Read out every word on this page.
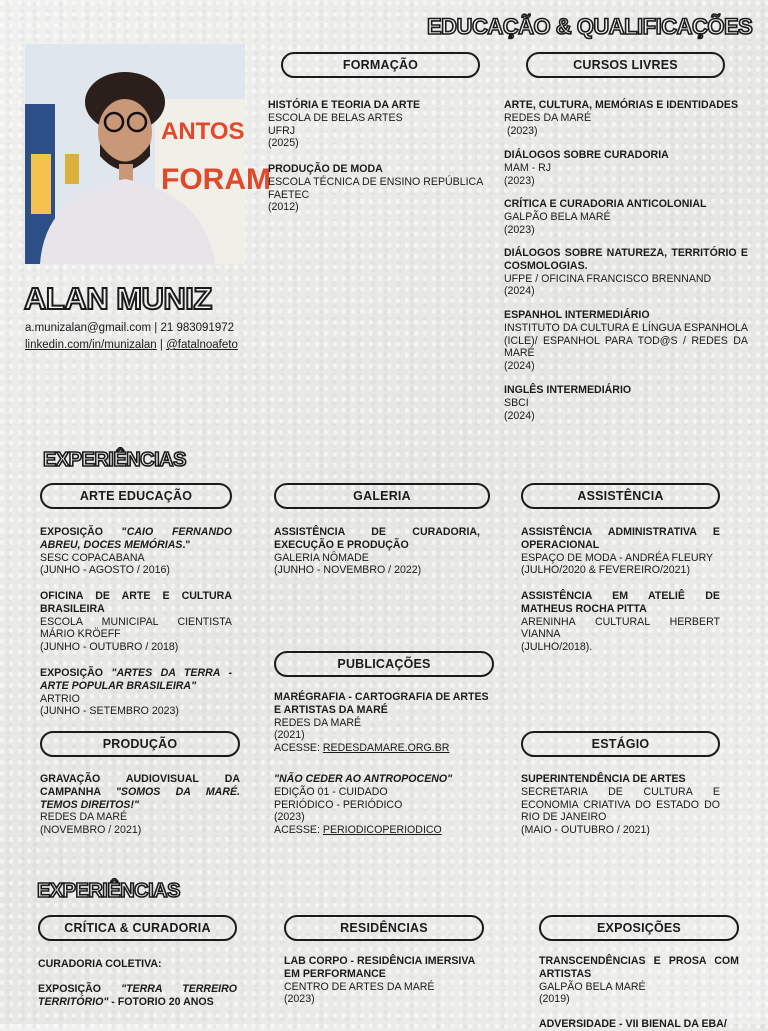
EDUCAÇÃO & QUALIFICAÇÕES
ANTOS
FORAM
ALAN MUNIZ
a.munizalan@gmail.com | 21 983091972
linkedin.com/in/munizalan | @fatalnoafeto
FORMAÇÃO
HISTÓRIA E TEORIA DA ARTE
ESCOLA DE BELAS ARTES
UFRJ
(2025)
PRODUÇÃO DE MODA
ESCOLA TÉCNICA DE ENSINO REPÚBLICA
FAETEC
(2012)
CURSOS LIVRES
ARTE, CULTURA, MEMÓRIAS E IDENTIDADES
REDES DA MARÉ
(2023)
DIÁLOGOS SOBRE CURADORIA
MAM - RJ
(2023)
CRÍTICA E CURADORIA ANTICOLONIAL
GALPÃO BELA MARÉ
(2023)
DIÁLOGOS SOBRE NATUREZA, TERRITÓRIO E COSMOLOGIAS.
UFPE / OFICINA FRANCISCO BRENNAND
(2024)
ESPANHOL INTERMEDIÁRIO
INSTITUTO DA CULTURA E LÍNGUA ESPANHOLA (ICLE)/ ESPANHOL PARA TOD@S / REDES DA MARÉ
(2024)
INGLÊS INTERMEDIÁRIO
SBCI
(2024)
EXPERIÊNCIAS
ARTE EDUCAÇÃO	GALERIA	ASSISTÊNCIA
EXPOSIÇÃO "CAIO FERNANDO ABREU, DOCES MEMÓRIAS."
SESC COPACABANA
(JUNHO - AGOSTO / 2016)
OFICINA DE ARTE E CULTURA BRASILEIRA
ESCOLA MUNICIPAL CIENTISTA MÁRIO KRÖEFF
(JUNHO - OUTUBRO / 2018)
EXPOSIÇÃO "ARTES DA TERRA - ARTE POPULAR BRASILEIRA"
ARTRIO
(JUNHO - SETEMBRO 2023)
ASSISTÊNCIA DE CURADORIA, EXECUÇÃO E PRODUÇÃO
GALERIA NÔMADE
(JUNHO - NOVEMBRO / 2022)
ASSISTÊNCIA ADMINISTRATIVA E OPERACIONAL
ESPAÇO DE MODA - ANDRÉA FLEURY
(JULHO/2020 & FEVEREIRO/2021)
ASSISTÊNCIA EM ATELIÊ DE MATHEUS ROCHA PITTA
ARENINHA CULTURAL HERBERT VIANNA
(JULHO/2018).
PUBLICAÇÕES
MARÉGRAFIA - CARTOGRAFIA DE ARTES E ARTISTAS DA MARÉ
REDES DA MARÉ
(2021)
ACESSE: REDESDAMARE.ORG.BR
"NÃO CEDER AO ANTROPOCENO"
EDIÇÃO 01 - CUIDADO
PERIÓDICO - PERIÓDICO
(2023)
ACESSE: PERIODICOPERIODICO
PRODUÇÃO
GRAVAÇÃO AUDIOVISUAL DA CAMPANHA "SOMOS DA MARÉ. TEMOS DIREITOS!"
REDES DA MARÉ
(NOVEMBRO / 2021)
ESTÁGIO
SUPERINTENDÊNCIA DE ARTES
SECRETARIA DE CULTURA E ECONOMIA CRIATIVA DO ESTADO DO RIO DE JANEIRO
(MAIO - OUTUBRO / 2021)
EXPERIÊNCIAS
CRÍTICA & CURADORIA	RESIDÊNCIAS	EXPOSIÇÕES
CURADORIA COLETIVA:
EXPOSIÇÃO "TERRA TERREIRO TERRITÓRIO" - FOTORIO 20 ANOS
LAB CORPO - RESIDÊNCIA IMERSIVA EM PERFORMANCE
CENTRO DE ARTES DA MARÉ
(2023)
TRANSCENDÊNCIAS E PROSA COM ARTISTAS
GALPÃO BELA MARÉ
(2019)
ADVERSIDADE - VII BIENAL DA EBA/
